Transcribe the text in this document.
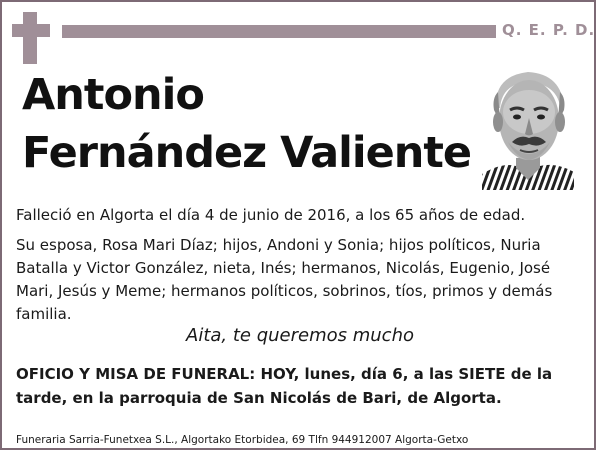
Q. E. P. D.
Antonio
Fernández Valiente
Falleció en Algorta el día 4 de junio de 2016, a los 65 años de edad.
Su esposa, Rosa Mari Díaz; hijos, Andoni y Sonia; hijos políticos, Nuria Batalla y Victor González, nieta, Inés; hermanos, Nicolás, Eugenio, José Mari, Jesús y Meme; hermanos políticos, sobrinos, tíos, primos y demás familia.
Aita, te queremos mucho
OFICIO Y MISA DE FUNERAL: HOY, lunes, día 6, a las SIETE de la tarde, en la parroquia de San Nicolás de Bari, de Algorta.
Funeraria Sarria-Funetxea S.L., Algortako Etorbidea, 69 Tlfn 944912007 Algorta-Getxo
